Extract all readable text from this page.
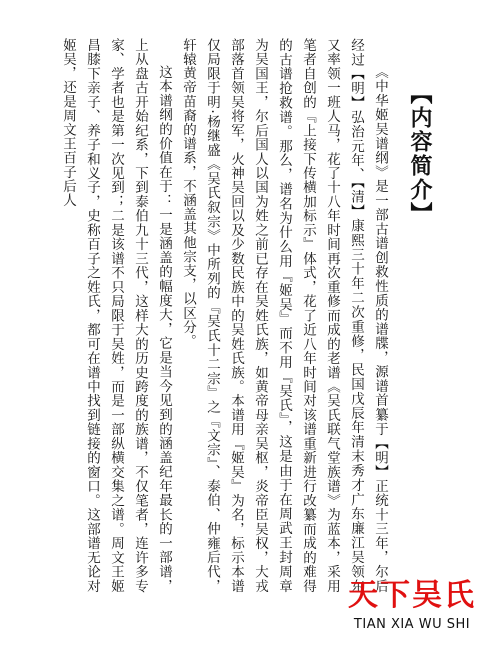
【内容简介】

《中华姬吴谱纲》是一部古谱创救性质的谱牒，源谱首纂于【明】正统十三年，尔后经过【明】弘治元年、【清】康熙三十年二次重修，民国戊辰年清末秀才广东廉江吴领东又率领一班人马，花了十八年时间再次重修而成的老谱《吴氏联气堂族谱》为蓝本，采用笔者自创的『上接下传横加标示』体式，花了近八年时间对该谱重新进行改纂而成的难得的古谱抢救谱。那么，谱名为什么用『姬吴』而不用『吴氏』，这是由于在周武王封周章为吴国王，尔后国人以国为姓之前已存在吴姓氏族，如黄帝母亲吴枢，炎帝臣吴权，大戎部落首领吴将军，火神吴回以及少数民族中的吴姓氏族。本谱用『姬吴』为名，标示本谱仅局限于明·杨继盛《吴氏叙宗》中所列的『吴氏十二宗』之『文宗』、泰伯、仲雍后代，轩辕黄帝苗裔的谱系，不涵盖其他宗支，以区分。

这本谱纲的价值在于：一是涵盖的幅度大，它是当今见到的涵盖纪年最长的一部谱，上从盘古开始纪系，下到泰伯九十三代，这样大的历史跨度的族谱，不仅笔者，连许多专家、学者也是第一次见到；二是该谱不只局限于吴姓，而是一部纵横交集之谱。周文王姬昌膝下亲子、养子和义子，史称百子之姓氏，都可在谱中找到链接的窗口。这部谱无论对姬吴，还是周文王百子后人

天下吴氏
TIAN XIA WU SHI
